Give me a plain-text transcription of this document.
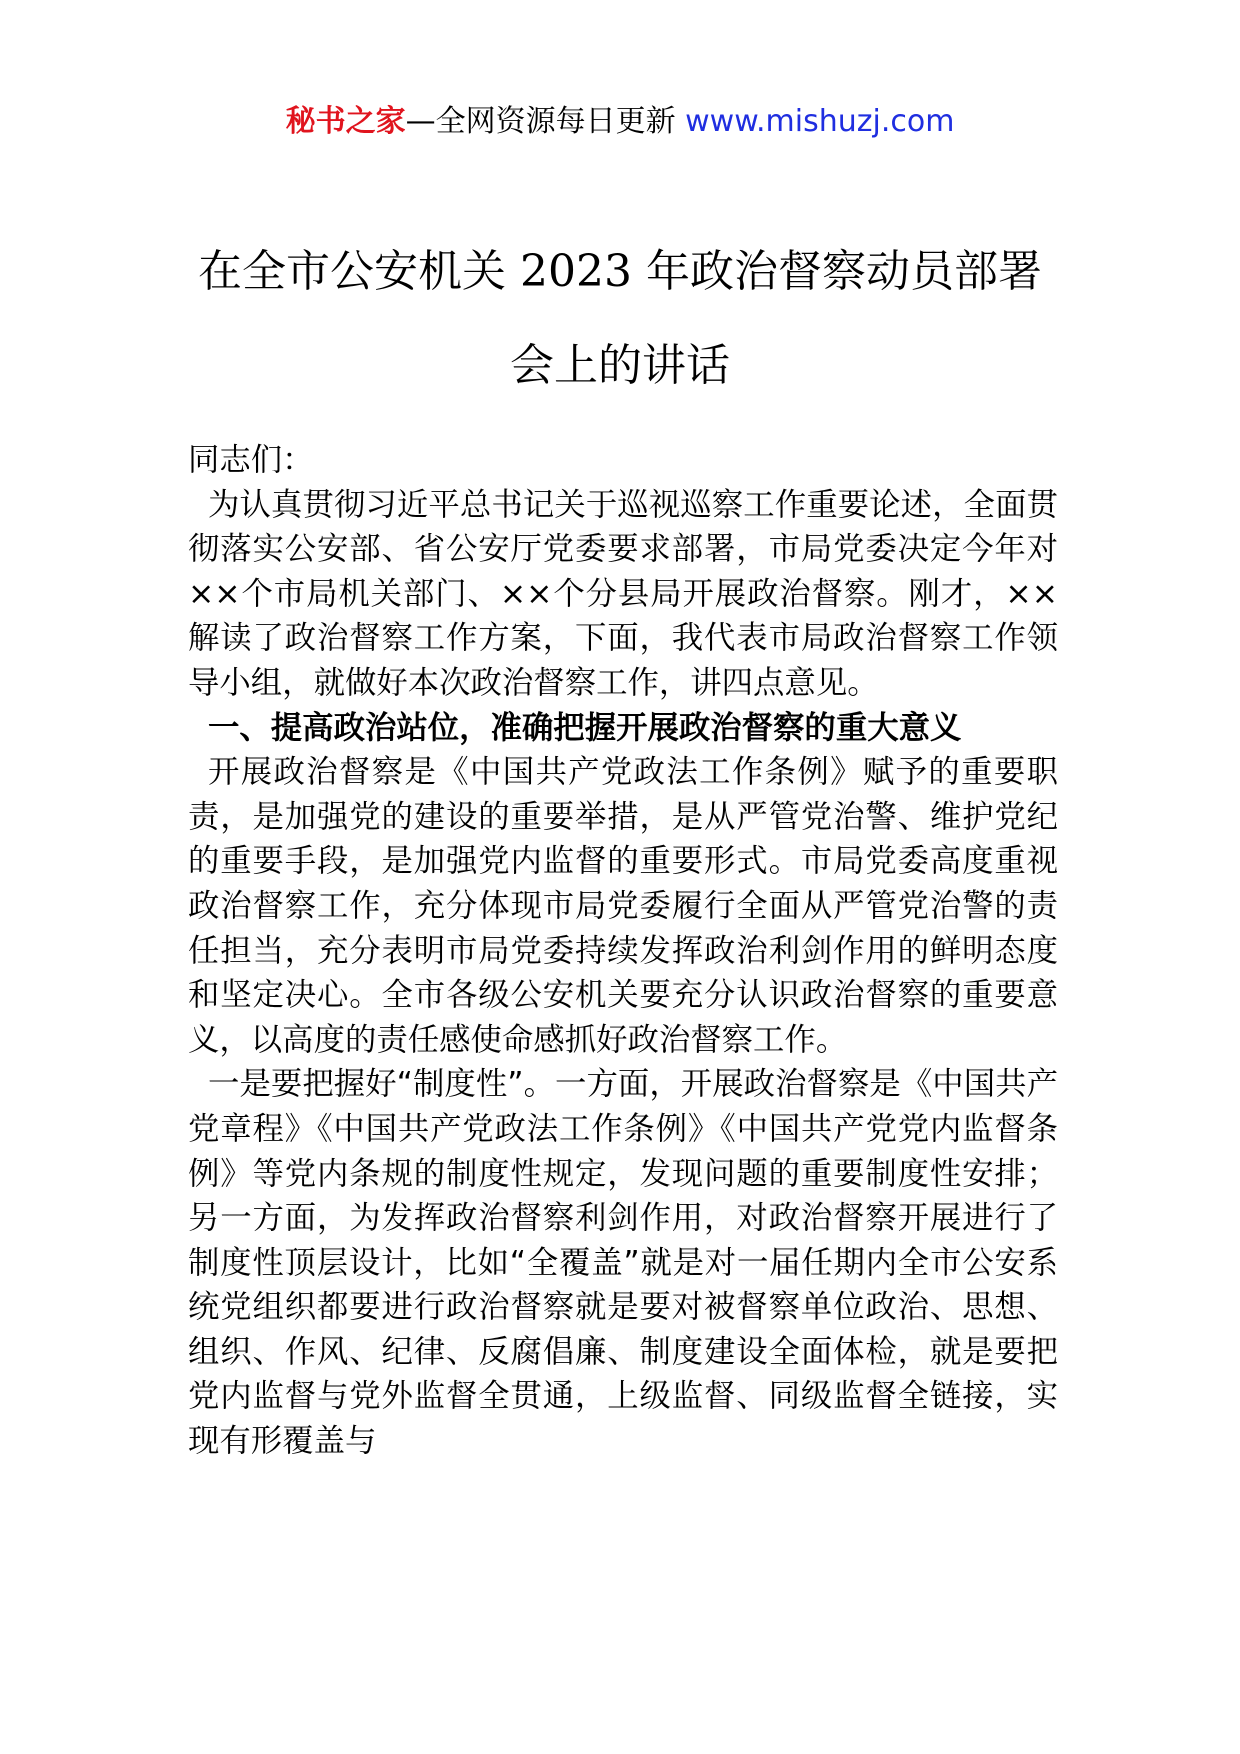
秘书之家—全网资源每日更新 www.mishuzj.com
在全市公安机关 2023 年政治督察动员部署
会上的讲话

同志们：

为认真贯彻习近平总书记关于巡视巡察工作重要论述，全面贯彻落实公安部、省公安厅党委要求部署，市局党委决定今年对××个市局机关部门、××个分县局开展政治督察。刚才，××解读了政治督察工作方案，下面，我代表市局政治督察工作领导小组，就做好本次政治督察工作，讲四点意见。

一、提高政治站位，准确把握开展政治督察的重大意义

开展政治督察是《中国共产党政法工作条例》赋予的重要职责，是加强党的建设的重要举措，是从严管党治警、维护党纪的重要手段，是加强党内监督的重要形式。市局党委高度重视政治督察工作，充分体现市局党委履行全面从严管党治警的责任担当，充分表明市局党委持续发挥政治利剑作用的鲜明态度和坚定决心。全市各级公安机关要充分认识政治督察的重要意义，以高度的责任感使命感抓好政治督察工作。

一是要把握好“制度性”。一方面，开展政治督察是《中国共产党章程》《中国共产党政法工作条例》《中国共产党党内监督条例》等党内条规的制度性规定，发现问题的重要制度性安排；另一方面，为发挥政治督察利剑作用，对政治督察开展进行了制度性顶层设计，比如“全覆盖”就是对一届任期内全市公安系统党组织都要进行政治督察就是要对被督察单位政治、思想、组织、作风、纪律、反腐倡廉、制度建设全面体检，就是要把党内监督与党外监督全贯通，上级监督、同级监督全链接，实现有形覆盖与
